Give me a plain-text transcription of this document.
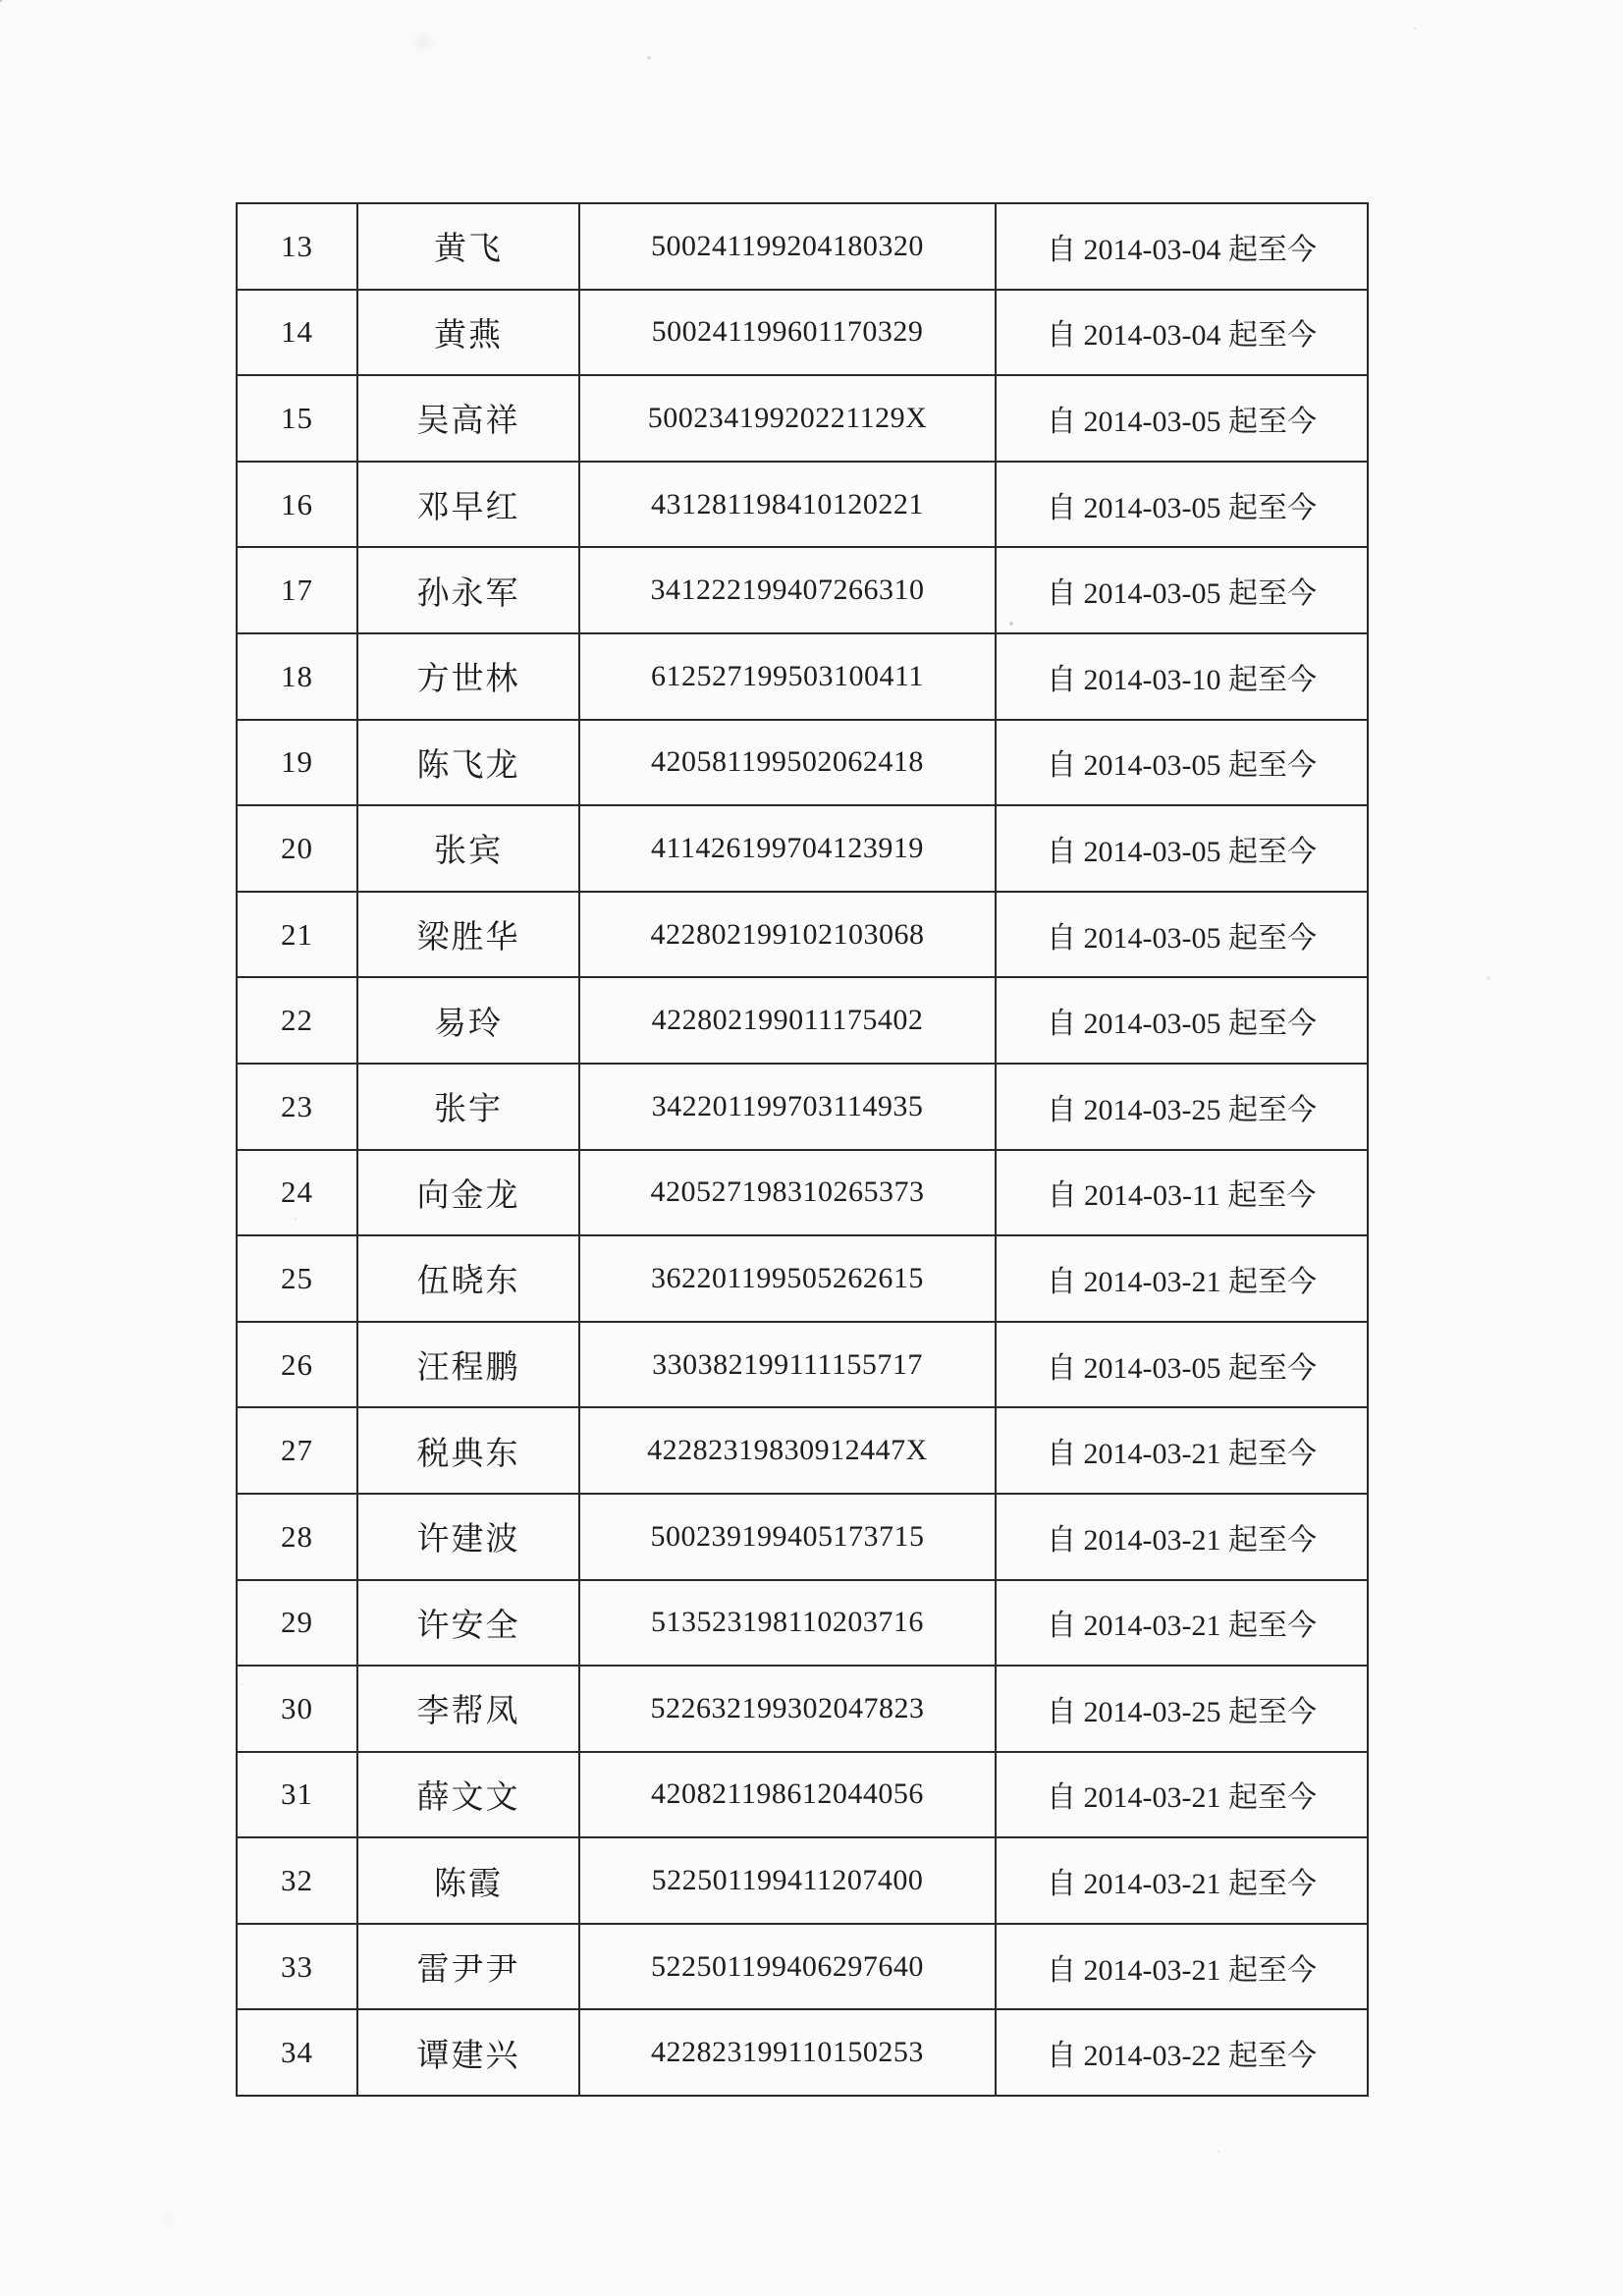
13	黄飞	500241199204180320	自 2014-03-04 起至今
14	黄燕	500241199601170329	自 2014-03-04 起至今
15	吴高祥	50023419920221129X	自 2014-03-05 起至今
16	邓早红	431281198410120221	自 2014-03-05 起至今
17	孙永军	341222199407266310	自 2014-03-05 起至今
18	方世林	612527199503100411	自 2014-03-10 起至今
19	陈飞龙	420581199502062418	自 2014-03-05 起至今
20	张宾	411426199704123919	自 2014-03-05 起至今
21	梁胜华	422802199102103068	自 2014-03-05 起至今
22	易玲	422802199011175402	自 2014-03-05 起至今
23	张宇	342201199703114935	自 2014-03-25 起至今
24	向金龙	420527198310265373	自 2014-03-11 起至今
25	伍晓东	362201199505262615	自 2014-03-21 起至今
26	汪程鹏	330382199111155717	自 2014-03-05 起至今
27	税典东	42282319830912447X	自 2014-03-21 起至今
28	许建波	500239199405173715	自 2014-03-21 起至今
29	许安全	513523198110203716	自 2014-03-21 起至今
30	李帮凤	522632199302047823	自 2014-03-25 起至今
31	薛文文	420821198612044056	自 2014-03-21 起至今
32	陈霞	522501199411207400	自 2014-03-21 起至今
33	雷尹尹	522501199406297640	自 2014-03-21 起至今
34	谭建兴	422823199110150253	自 2014-03-22 起至今
